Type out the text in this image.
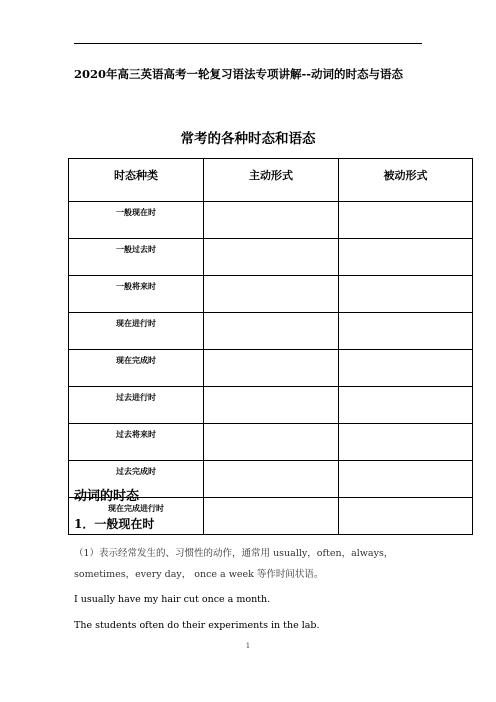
2020年高三英语高考一轮复习语法专项讲解--动词的时态与语态
常考的各种时态和语态
时态种类	主动形式	被动形式
一般现在时		
一般过去时		
一般将来时		
现在进行时		
现在完成时		
过去进行时		
过去将来时		
过去完成时		
现在完成进行时		
动词的时态
1．一般现在时
（1）表示经常发生的、习惯性的动作，通常用 usually，often，always，sometimes，every day， once a week 等作时间状语。
I usually have my hair cut once a month.
The students often do their experiments in the lab.
1
